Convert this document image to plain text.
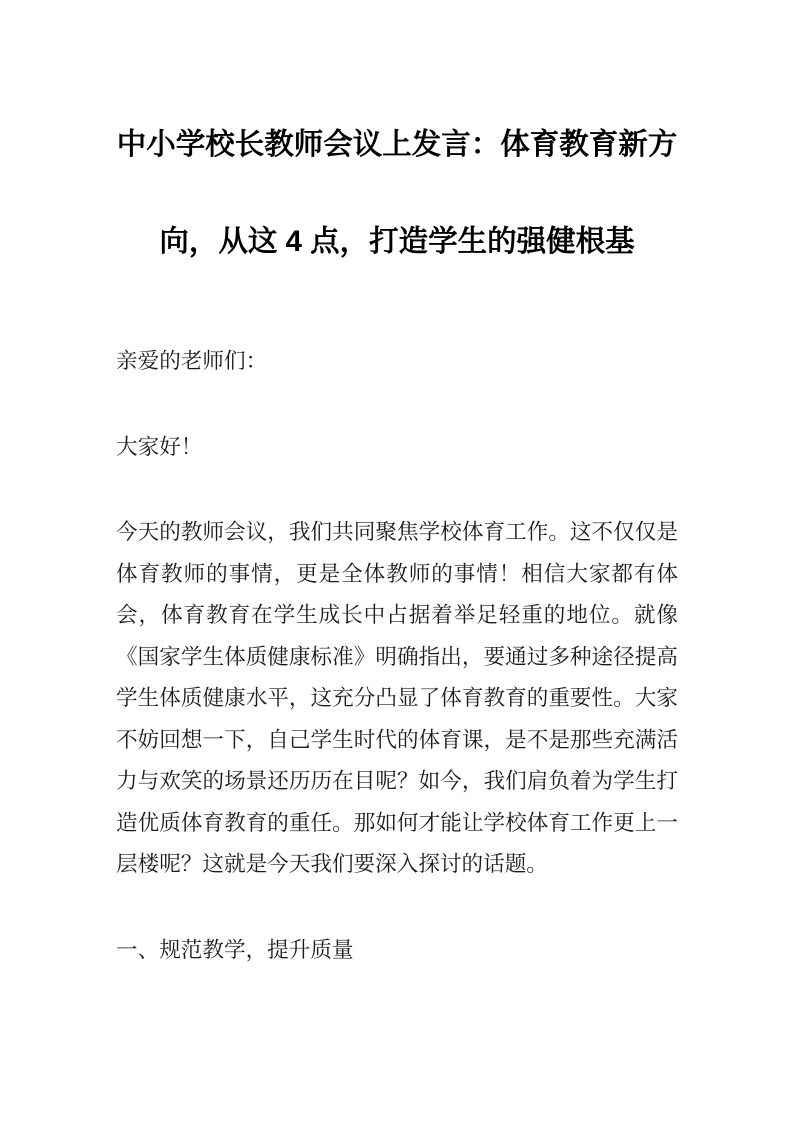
中小学校长教师会议上发言：体育教育新方向，从这 4 点，打造学生的强健根基

亲爱的老师们：

大家好！

今天的教师会议，我们共同聚焦学校体育工作。这不仅仅是体育教师的事情，更是全体教师的事情！相信大家都有体会，体育教育在学生成长中占据着举足轻重的地位。就像《国家学生体质健康标准》明确指出，要通过多种途径提高学生体质健康水平，这充分凸显了体育教育的重要性。大家不妨回想一下，自己学生时代的体育课，是不是那些充满活力与欢笑的场景还历历在目呢？如今，我们肩负着为学生打造优质体育教育的重任。那如何才能让学校体育工作更上一层楼呢？这就是今天我们要深入探讨的话题。

一、规范教学，提升质量
